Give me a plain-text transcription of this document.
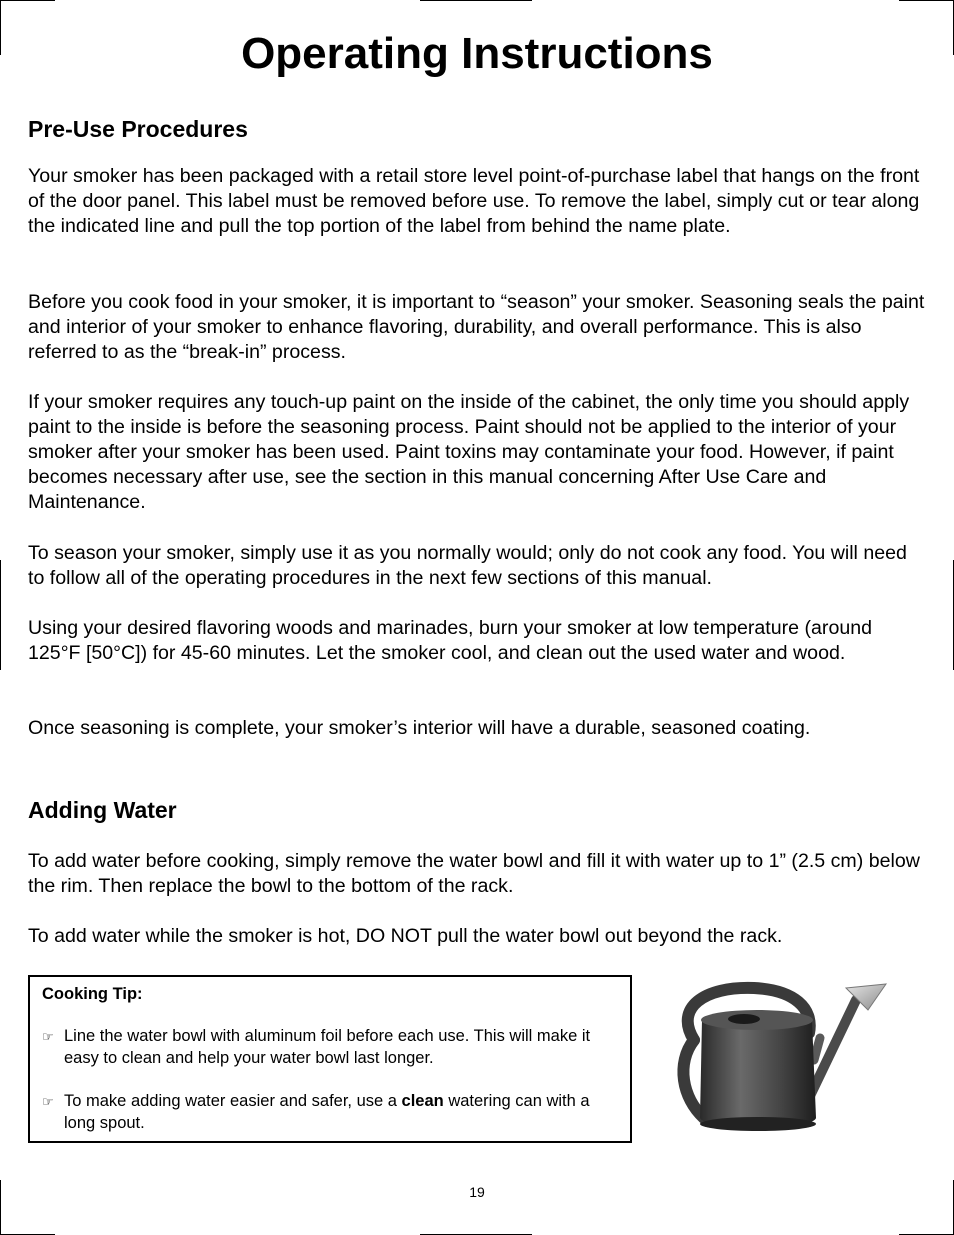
Operating Instructions
Pre-Use Procedures

Your smoker has been packaged with a retail store level point-of-purchase label that hangs on the front of the door panel. This label must be removed before use. To remove the label, simply cut or tear along the indicated line and pull the top portion of the label from behind the name plate.

Before you cook food in your smoker, it is important to “season” your smoker. Seasoning seals the paint and interior of your smoker to enhance flavoring, durability, and overall performance. This is also referred to as the “break-in” process.

If your smoker requires any touch-up paint on the inside of the cabinet, the only time you should apply paint to the inside is before the seasoning process. Paint should not be applied to the interior of your smoker after your smoker has been used. Paint toxins may contaminate your food. However, if paint becomes necessary after use, see the section in this manual concerning After Use Care and Maintenance.

To season your smoker, simply use it as you normally would; only do not cook any food. You will need to follow all of the operating procedures in the next few sections of this manual.

Using your desired flavoring woods and marinades, burn your smoker at low temperature (around 125°F [50°C]) for 45-60 minutes. Let the smoker cool, and clean out the used water and wood.

Once seasoning is complete, your smoker’s interior will have a durable, seasoned coating.

Adding Water

To add water before cooking, simply remove the water bowl and fill it with water up to 1” (2.5 cm) below the rim. Then replace the bowl to the bottom of the rack.

To add water while the smoker is hot, DO NOT pull the water bowl out beyond the rack.

Cooking Tip:
☞ Line the water bowl with aluminum foil before each use. This will make it easy to clean and help your water bowl last longer.
☞ To make adding water easier and safer, use a clean watering can with a long spout.
19
